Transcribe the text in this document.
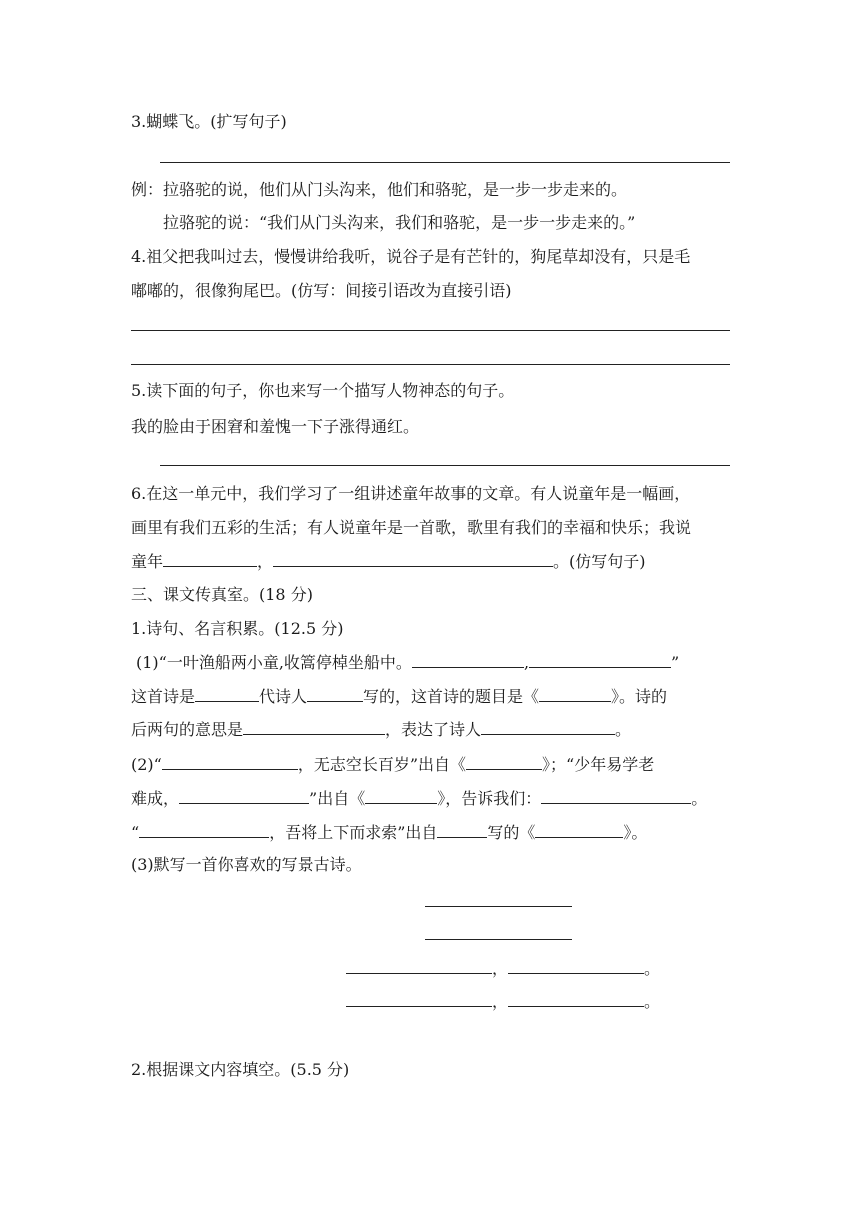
3.蝴蝶飞。(扩写句子)
例：拉骆驼的说，他们从门头沟来，他们和骆驼，是一步一步走来的。
拉骆驼的说：“我们从门头沟来，我们和骆驼，是一步一步走来的。”
4.祖父把我叫过去，慢慢讲给我听，说谷子是有芒针的，狗尾草却没有，只是毛
嘟嘟的，很像狗尾巴。(仿写：间接引语改为直接引语)
5.读下面的句子，你也来写一个描写人物神态的句子。
我的脸由于困窘和羞愧一下子涨得通红。
6.在这一单元中，我们学习了一组讲述童年故事的文章。有人说童年是一幅画，
画里有我们五彩的生活；有人说童年是一首歌，歌里有我们的幸福和快乐；我说
童年	，	。(仿写句子)
三、课文传真室。(18 分)
1.诗句、名言积累。(12.5 分)
(1)“一叶渔船两小童,收篙停棹坐船中。	,	”
这首诗是	代诗人	写的，这首诗的题目是《	》。诗的
后两句的意思是	，表达了诗人	。
(2)“	，无志空长百岁”出自《	》；“少年易学老
难成，	”出自《	》，告诉我们：	。
“	，吾将上下而求索”出自	写的《	》。
(3)默写一首你喜欢的写景古诗。
，	。
，	。
2.根据课文内容填空。(5.5 分)
